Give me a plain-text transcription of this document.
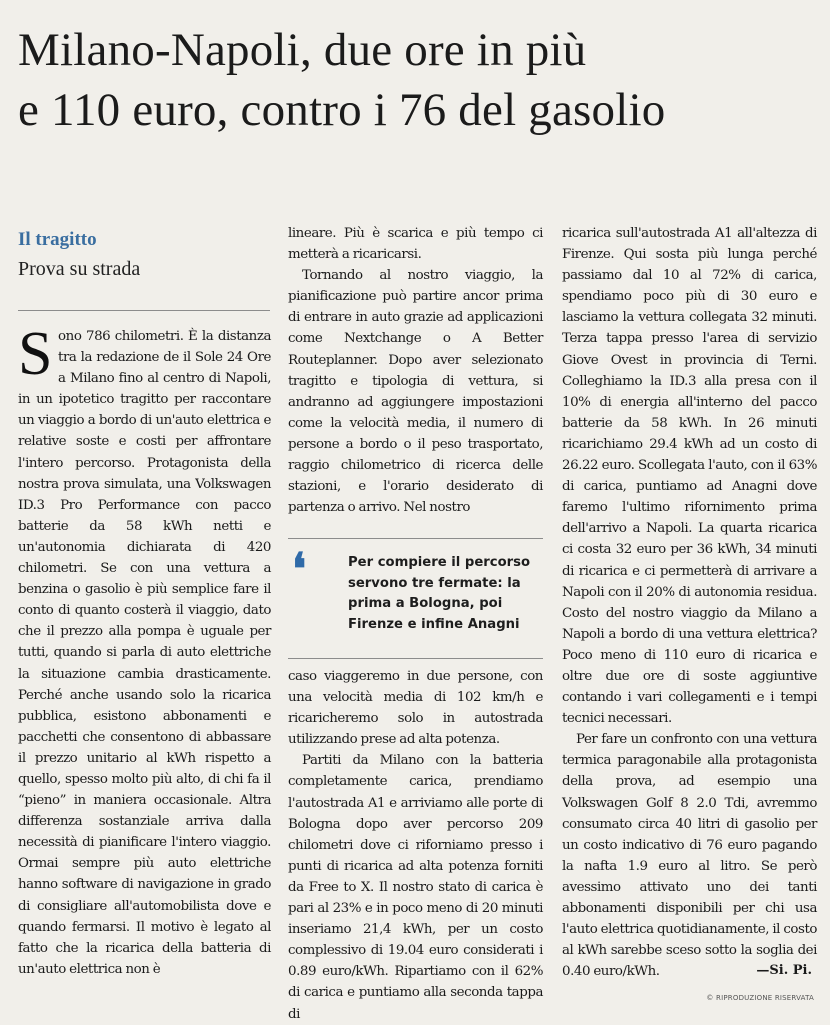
Milano-Napoli, due ore in più
e 110 euro, contro i 76 del gasolio
Il tragitto
Prova su strada

S ono 786 chilometri. È la distanza tra la redazione de il Sole 24 Ore a Milano fino al centro di Napoli, in un ipotetico tragitto per raccontare un viaggio a bordo di un'auto elettrica e relative soste e costi per affrontare l'intero percorso. Protagonista della nostra prova simulata, una Volkswagen ID.3 Pro Performance con pacco batterie da 58 kWh netti e un'autonomia dichiarata di 420 chilometri. Se con una vettura a benzina o gasolio è più semplice fare il conto di quanto costerà il viaggio, dato che il prezzo alla pompa è uguale per tutti, quando si parla di auto elettriche la situazione cambia drasticamente. Perché anche usando solo la ricarica pubblica, esistono abbonamenti e pacchetti che consentono di abbassare il prezzo unitario al kWh rispetto a quello, spesso molto più alto, di chi fa il “pieno” in maniera occasionale. Altra differenza sostanziale arriva dalla necessità di pianificare l'intero viaggio. Ormai sempre più auto elettriche hanno software di navigazione in grado di consigliare all'automobilista dove e quando fermarsi. Il motivo è legato al fatto che la ricarica della batteria di un'auto elettrica non è

lineare. Più è scarica e più tempo ci metterà a ricaricarsi.

Tornando al nostro viaggio, la pianificazione può partire ancor prima di entrare in auto grazie ad applicazioni come Nextchange o A Better Routeplanner. Dopo aver selezionato tragitto e tipologia di vettura, si andranno ad aggiungere impostazioni come la velocità media, il numero di persone a bordo o il peso trasportato, raggio chilometrico di ricerca delle stazioni, e l'orario desiderato di partenza o arrivo. Nel nostro

❛	Per compiere il percorso servono tre fermate: la prima a Bologna, poi Firenze e infine Anagni

caso viaggeremo in due persone, con una velocità media di 102 km/h e ricaricheremo solo in autostrada utilizzando prese ad alta potenza.

Partiti da Milano con la batteria completamente carica, prendiamo l'autostrada A1 e arriviamo alle porte di Bologna dopo aver percorso 209 chilometri dove ci riforniamo presso i punti di ricarica ad alta potenza forniti da Free to X. Il nostro stato di carica è pari al 23% e in poco meno di 20 minuti inseriamo 21,4 kWh, per un costo complessivo di 19.04 euro considerati i 0.89 euro/kWh. Ripartiamo con il 62% di carica e puntiamo alla seconda tappa di

ricarica sull'autostrada A1 all'altezza di Firenze. Qui sosta più lunga perché passiamo dal 10 al 72% di carica, spendiamo poco più di 30 euro e lasciamo la vettura collegata 32 minuti. Terza tappa presso l'area di servizio Giove Ovest in provincia di Terni. Colleghiamo la ID.3 alla presa con il 10% di energia all'interno del pacco batterie da 58 kWh. In 26 minuti ricarichiamo 29.4 kWh ad un costo di 26.22 euro. Scollegata l'auto, con il 63% di carica, puntiamo ad Anagni dove faremo l'ultimo rifornimento prima dell'arrivo a Napoli. La quarta ricarica ci costa 32 euro per 36 kWh, 34 minuti di ricarica e ci permetterà di arrivare a Napoli con il 20% di autonomia residua. Costo del nostro viaggio da Milano a Napoli a bordo di una vettura elettrica? Poco meno di 110 euro di ricarica e oltre due ore di soste aggiuntive contando i vari collegamenti e i tempi tecnici necessari.

Per fare un confronto con una vettura termica paragonabile alla protagonista della prova, ad esempio una Volkswagen Golf 8 2.0 Tdi, avremmo consumato circa 40 litri di gasolio per un costo indicativo di 76 euro pagando la nafta 1.9 euro al litro. Se però avessimo attivato uno dei tanti abbonamenti disponibili per chi usa l'auto elettrica quotidianamente, il costo al kWh sarebbe sceso sotto la soglia dei 0.40 euro/kWh.	—Si. Pi.
© RIPRODUZIONE RISERVATA
